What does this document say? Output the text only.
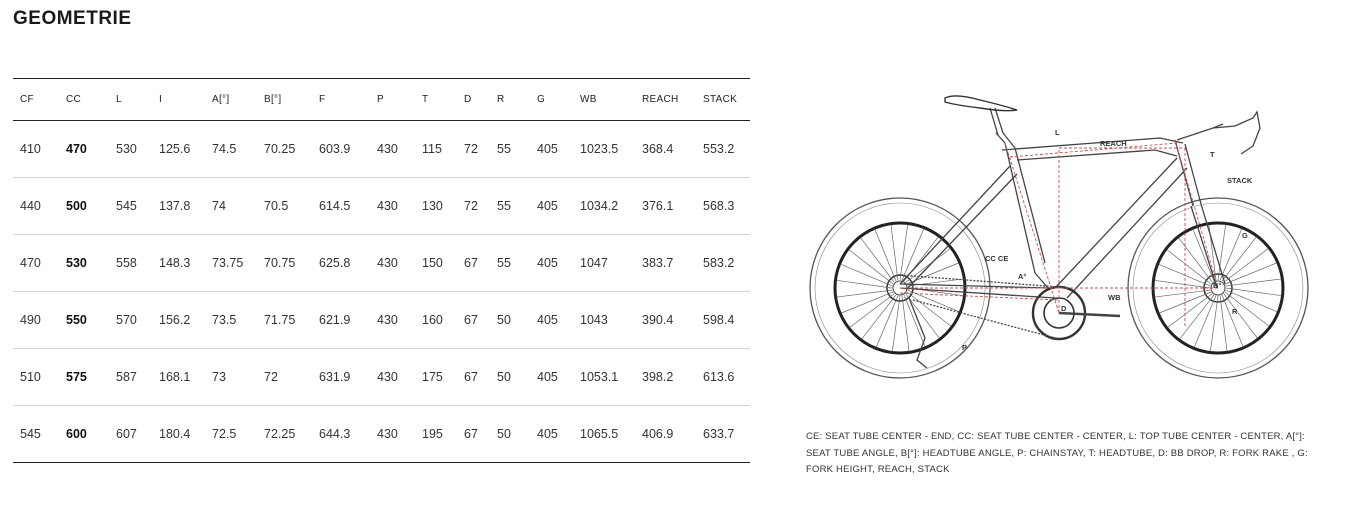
GEOMETRIE
CF	CC	L	I	A[°]	B[°]	F	P	T	D	R	G	WB	REACH	STACK
410	470	530	125.6	74.5	70.25	603.9	430	115	72	55	405	1023.5	368.4	553.2
440	500	545	137.8	74	70.5	614.5	430	130	72	55	405	1034.2	376.1	568.3
470	530	558	148.3	73.75	70.75	625.8	430	150	67	55	405	1047	383.7	583.2
490	550	570	156.2	73.5	71.75	621.9	430	160	67	50	405	1043	390.4	598.4
510	575	587	168.1	73	72	631.9	430	175	67	50	405	1053.1	398.2	613.6
545	600	607	180.4	72.5	72.25	644.3	430	195	67	50	405	1065.5	406.9	633.7
L
REACH
T
STACK
G
CC CE
A°
B°
WB
D	R
P
CE: SEAT TUBE CENTER - END, CC: SEAT TUBE CENTER - CENTER, L: TOP TUBE CENTER - CENTER, A[°]: SEAT TUBE ANGLE, B[°]: HEADTUBE ANGLE, P: CHAINSTAY, T: HEADTUBE, D: BB DROP, R: FORK RAKE , G: FORK HEIGHT, REACH, STACK
